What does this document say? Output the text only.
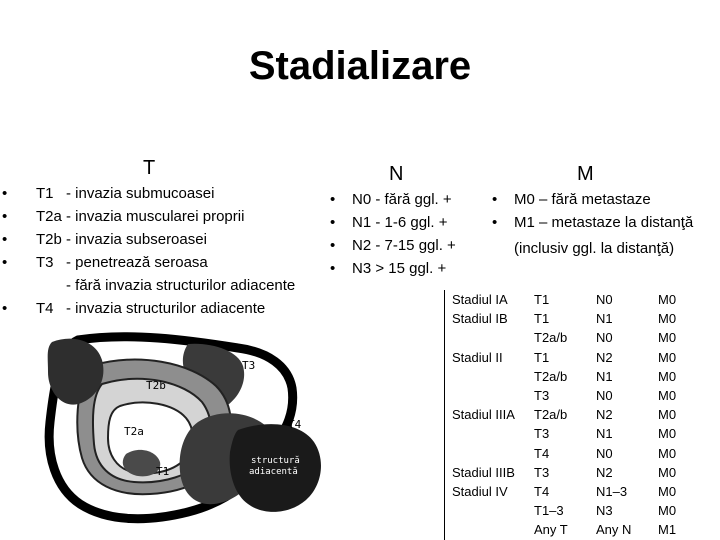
Stadializare
T
• T1   - invazia submucoasei
• T2a - invazia muscularei proprii
• T2b - invazia subseroasei
• T3   - penetrează seroasa
- fără invazia structurilor adiacente
• T4   - invazia structurilor adiacente
N
• N0 - fără ggl. +
• N1 - 1-6 ggl. +
• N2 - 7-15 ggl. +
• N3 > 15 ggl. +
M
• M0 – fără metastaze
• M1 – metastaze la distanţă
(inclusiv ggl. la distanţă)
T3
T2b
T2a
T1
T4
structură
adiacentă
Stadiul IA	T1	N0	M0
Stadiul IB	T1	N1	M0
	T2a/b	N0	M0
Stadiul II	T1	N2	M0
	T2a/b	N1	M0
	T3	N0	M0
Stadiul IIIA	T2a/b	N2	M0
	T3	N1	M0
	T4	N0	M0
Stadiul IIIB	T3	N2	M0
Stadiul IV	T4	N1–3	M0
	T1–3	N3	M0
	Any T	Any N	M1
